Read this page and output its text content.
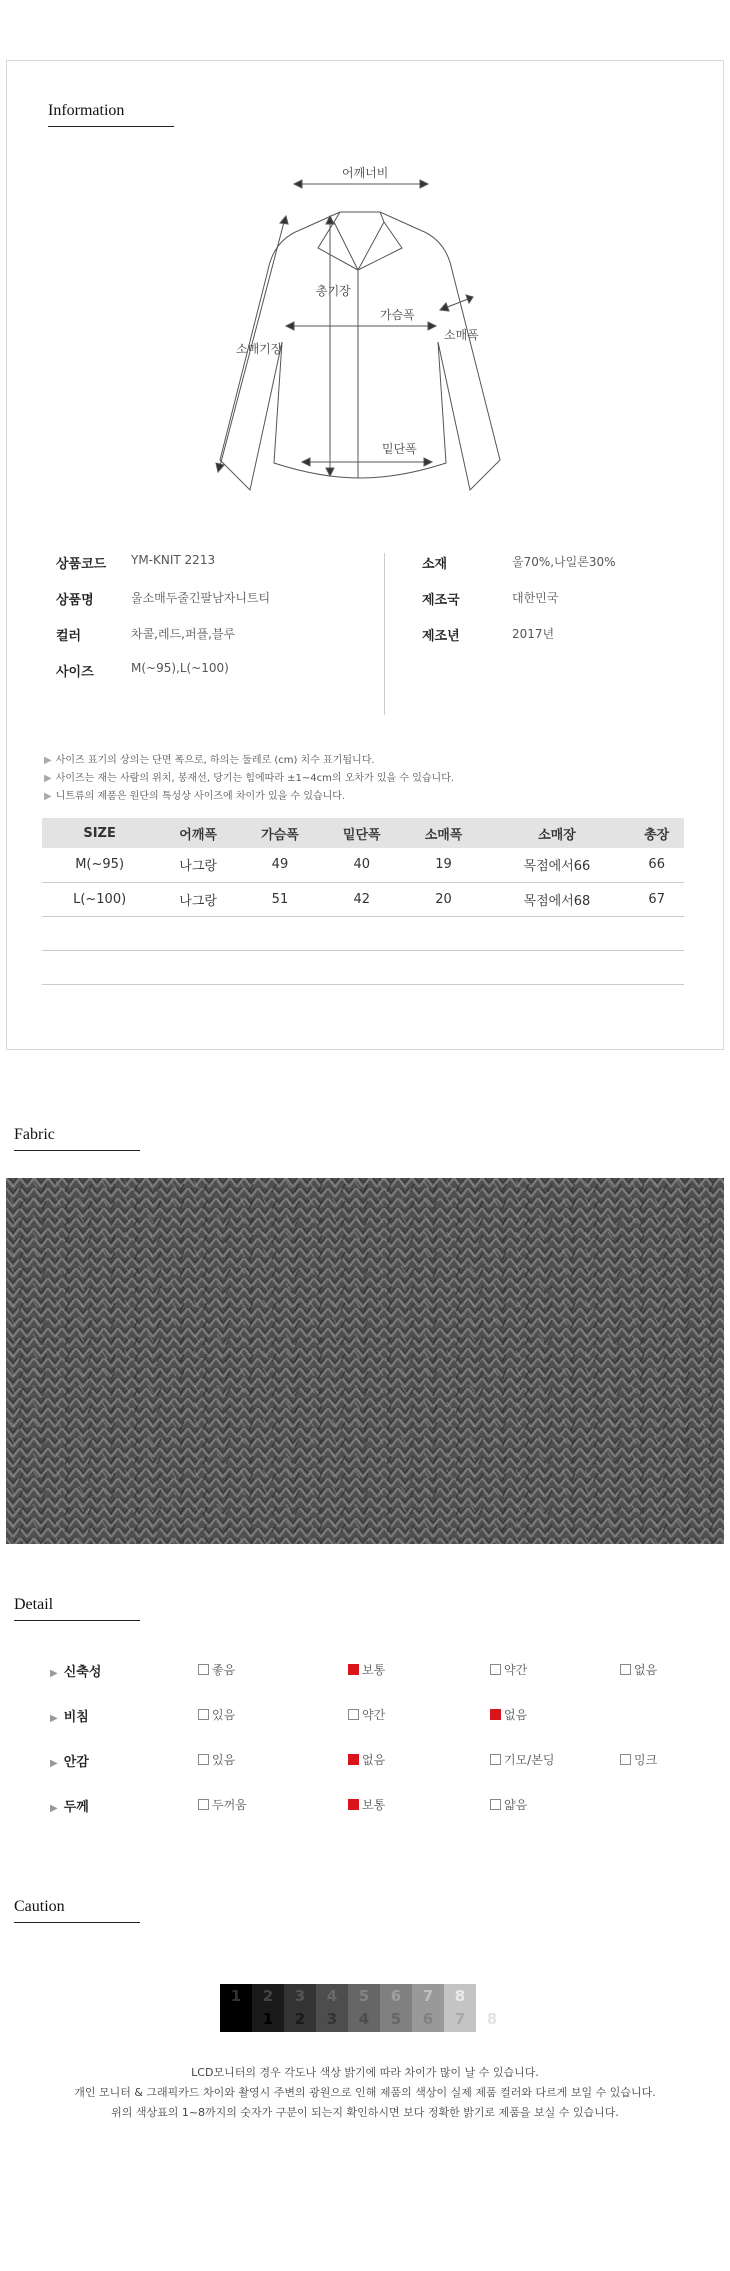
Information
어깨너비
총기장
가슴폭
소매폭
소매기장
밑단폭
상품코드 YM-KNIT 2213
상품명	울소매두줄긴팔남자니트티
컬러	차콜,레드,퍼플,블루
사이즈	M(~95),L(~100)
소재	울70%,나일론30%
제조국	대한민국
제조년	2017년
▶ 사이즈 표기의 상의는 단면 폭으로, 하의는 둘레로 (cm) 치수 표기됩니다.
▶ 사이즈는 재는 사람의 위치, 봉재선, 당기는 힘에따라 ±1~4cm의 오차가 있을 수 있습니다.
▶ 니트류의 제품은 원단의 특성상 사이즈에 차이가 있을 수 있습니다.
SIZE	어깨폭	가슴폭	밑단폭	소매폭	소매장	총장
M(~95)	나그랑	49	40	19	목점에서66	66
L(~100)	나그랑	51	42	20	목점에서68	67

Fabric
Detail
▶ 신축성	좋음	보통	약간	없음
▶ 비침	있음	약간	없음
▶ 안감	있음	없음	기모/본딩	밍크
▶ 두께	두꺼움	보통	얇음
Caution
1	2
1
3
2
4
3
5
4
6
5
7
6
8
7	8
LCD모니터의 경우 각도나 색상 밝기에 따라 차이가 많이 날 수 있습니다.
개인 모니터 & 그래픽카드 차이와 촬영시 주변의 광원으로 인해 제품의 색상이 실제 제품 컬러와 다르게 보일 수 있습니다.
위의 색상표의 1~8까지의 숫자가 구분이 되는지 확인하시면 보다 정확한 밝기로 제품을 보실 수 있습니다.
